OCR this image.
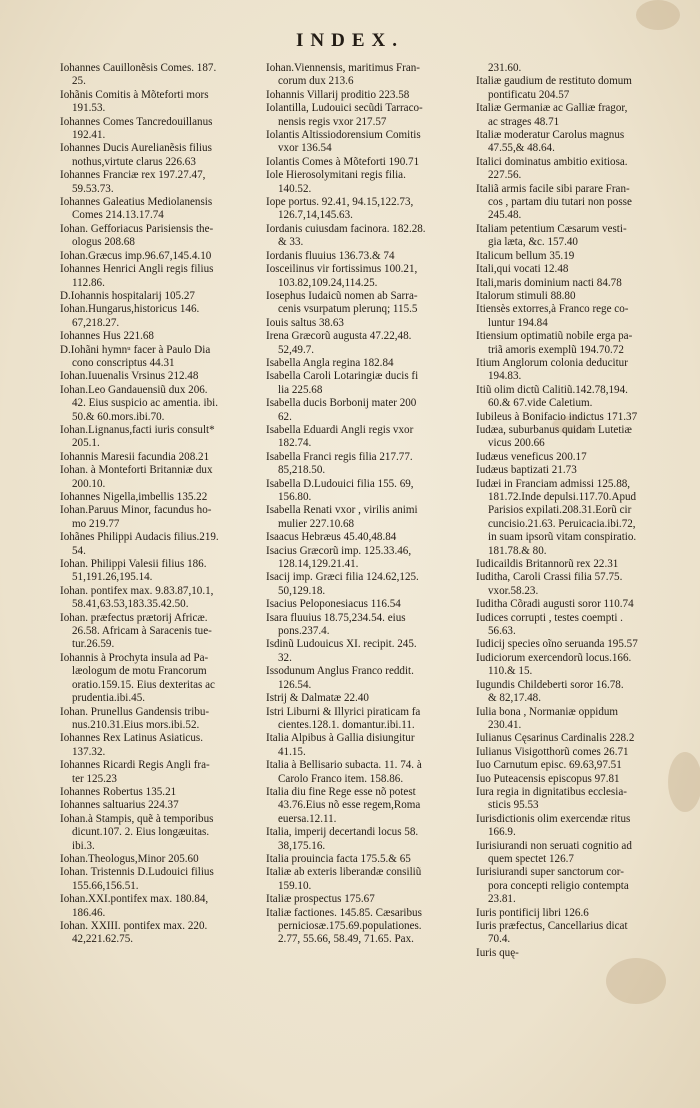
INDEX.
Iohannes Cauillonẽsis Comes. 187.
25.
Iohãnis Comitis à Mõteforti mors
191.53.
Iohannes Comes Tancredouillanus
192.41.
Iohannes Ducis Aurelianẽsis filius
nothus,virtute clarus 226.63
Iohannes Franciæ rex 197.27.47,
59.53.73.
Iohannes Galeatius Mediolanensis
Comes 214.13.17.74
Iohan. Gefforiacus Parisiensis the-
ologus 208.68
Iohan.Græcus imp.96.67,145.4.10
Iohannes Henrici Angli regis filius
112.86.
D.Iohannis hospitalarij 105.27
Iohan.Hungarus,historicus 146.
67,218.27.
Iohannes Hus 221.68
D.Iohãni hymnᵘ facer à Paulo Dia
cono conscriptus 44.31
Iohan.Iuuenalis Vrsinus 212.48
Iohan.Leo Gandauensiũ dux 206.
42. Eius suspicio ac amentia. ibi.
50.& 60.mors.ibi.70.
Iohan.Lignanus,facti iuris consult*
205.1.
Iohannis Maresii facundia 208.21
Iohan. à Monteforti Britanniæ dux
200.10.
Iohannes Nigella,imbellis 135.22
Iohan.Paruus Minor, facundus ho-
mo 219.77
Iohãnes Philippi Audacis filius.219.
54.
Iohan. Philippi Valesii filius 186.
51,191.26,195.14.
Iohan. pontifex max. 9.83.87,10.1,
58.41,63.53,183.35.42.50.
Iohan. præfectus prætorij Africæ.
26.58. Africam à Saracenis tue-
tur.26.59.
Iohannis à Prochyta insula ad Pa-
læologum de motu Francorum
oratio.159.15. Eius dexteritas ac
prudentia.ibi.45.
Iohan. Prunellus Gandensis tribu-
nus.210.31.Eius mors.ibi.52.
Iohannes Rex Latinus Asiaticus.
137.32.
Iohannes Ricardi Regis Angli fra-
ter 125.23
Iohannes Robertus 135.21
Iohannes saltuarius 224.37
Iohan.à Stampis, quẽ à temporibus
dicunt.107. 2. Eius longæuitas.
ibi.3.
Iohan.Theologus,Minor 205.60
Iohan. Tristennis D.Ludouici filius
155.66,156.51.
Iohan.XXI.pontifex max. 180.84,
186.46.
Iohan. XXIII. pontifex max. 220.
42,221.62.75.
Iohan.Viennensis, maritimus Fran-
corum dux 213.6
Iohannis Villarij proditio 223.58
Iolantilla, Ludouici secũdi Tarraco-
nensis regis vxor 217.57
Iolantis Altissiodorensium Comitis
vxor 136.54
Iolantis Comes à Mõteforti 190.71
Iole Hierosolymitani regis filia.
140.52.
Iope portus. 92.41, 94.15,122.73,
126.7,14,145.63.
Iordanis cuiusdam facinora. 182.28.
& 33.
Iordanis fluuius 136.73.& 74
Iosceilinus vir fortissimus 100.21,
103.82,109.24,114.25.
Iosephus Iudaicũ nomen ab Sarra-
cenis vsurpatum plerunq; 115.5
Iouis saltus 38.63
Irena Græcorũ augusta 47.22,48.
52,49.7.
Isabella Angla regina 182.84
Isabella Caroli Lotaringiæ ducis fi
lia 225.68
Isabella ducis Borbonij mater 200
62.
Isabella Eduardi Angli regis vxor
182.74.
Isabella Franci regis filia 217.77.
85,218.50.
Isabella D.Ludouici filia 155. 69,
156.80.
Isabella Renati vxor , virilis animi
mulier 227.10.68
Isaacus Hebræus 45.40,48.84
Isacius Græcorũ imp. 125.33.46,
128.14,129.21.41.
Isacij imp. Græci filia 124.62,125.
50,129.18.
Isacius Peloponesiacus 116.54
Isara fluuius 18.75,234.54. eius
pons.237.4.
Isdinũ Ludouicus XI. recipit. 245.
32.
Issodunum Anglus Franco reddit.
126.54.
Istrij & Dalmatæ 22.40
Istri Liburni & Illyrici piraticam fa
cientes.128.1. domantur.ibi.11.
Italia Alpibus à Gallia disiungitur
41.15.
Italia à Bellisario subacta. 11. 74. à
Carolo Franco item. 158.86.
Italia diu fine Rege esse nõ potest
43.76.Eius nõ esse regem,Roma
euersa.12.11.
Italia, imperij decertandi locus 58.
38,175.16.
Italia prouincia facta 175.5.& 65
Italiæ ab exteris liberandæ consiliũ
159.10.
Italiæ prospectus 175.67
Italiæ factiones. 145.85. Cæsaribus
perniciosæ.175.69.populationes.
2.77, 55.66, 58.49, 71.65. Pax.
231.60.
Italiæ gaudium de restituto domum
pontificatu 204.57
Italiæ Germaniæ ac Galliæ fragor,
ac strages 48.71
Italiæ moderatur Carolus magnus
47.55,& 48.64.
Italici dominatus ambitio exitiosa.
227.56.
Italiã armis facile sibi parare Fran-
cos , partam diu tutari non posse
245.48.
Italiam petentium Cæsarum vesti-
gia læta, &c. 157.40
Italicum bellum 35.19
Itali,qui vocati 12.48
Itali,maris dominium nacti 84.78
Italorum stimuli 88.80
Itiensès extorres,à Franco rege co-
luntur 194.84
Itiensium optimatiũ nobile erga pa-
triã amoris exemplũ 194.70.72
Itium Anglorum colonia deducitur
194.83.
Itiũ olim dictũ Calitiũ.142.78,194.
60.& 67.vide Caletium.
Iubileus à Bonifacio indictus 171.37
Iudæa, suburbanus quidam Lutetiæ
vicus 200.66
Iudæus veneficus 200.17
Iudæus baptizati 21.73
Iudæi in Franciam admissi 125.88,
181.72.Inde depulsi.117.70.Apud
Parisios expilati.208.31.Eorũ cir
cuncisio.21.63. Peruicacia.ibi.72,
in suam ipsorũ vitam conspiratio.
181.78.& 80.
Iudicaildis Britannorũ rex 22.31
Iuditha, Caroli Crassi filia 57.75.
vxor.58.23.
Iuditha Cõradi augusti soror 110.74
Iudices corrupti , testes coempti .
56.63.
Iudicij species oĩno seruanda 195.57
Iudiciorum exercendorũ locus.166.
110.& 15.
Iugundis Childeberti soror 16.78.
& 82,17.48.
Iulia bona , Normaniæ oppidum
230.41.
Iulianus Cęsarinus Cardinalis 228.2
Iulianus Visigotthorũ comes 26.71
Iuo Carnutum episc. 69.63,97.51
Iuo Puteacensis episcopus 97.81
Iura regia in dignitatibus ecclesia-
sticis 95.53
Iurisdictionis olim exercendæ ritus
166.9.
Iurisiurandi non seruati cognitio ad
quem spectet 126.7
Iurisiurandi super sanctorum cor-
pora concepti religio contempta
23.81.
Iuris pontificij libri 126.6
Iuris præfectus, Cancellarius dicat
70.4.
Iuris quę-
